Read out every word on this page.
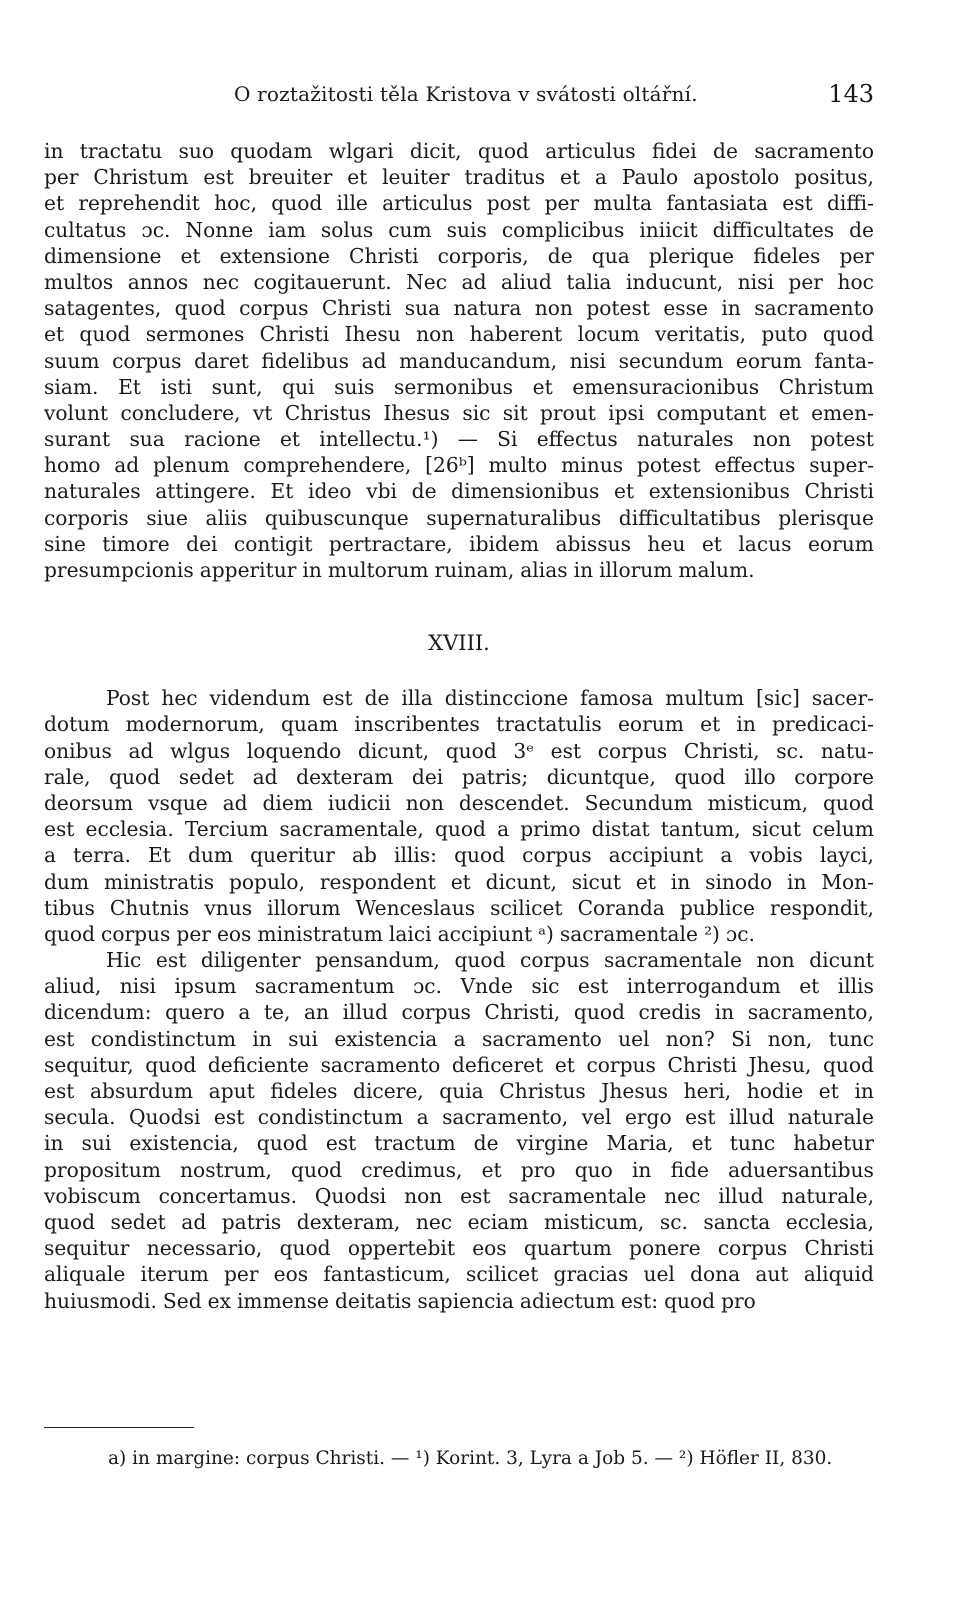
O roztažitosti těla Kristova v svátosti oltářní.	143
in tractatu suo quodam wlgari dicit, quod articulus fidei de sacramento
per Christum est breuiter et leuiter traditus et a Paulo apostolo positus,
et reprehendit hoc, quod ille articulus post per multa fantasiata est diffi-
cultatus ɔc. Nonne iam solus cum suis complicibus iniicit difficultates de
dimensione et extensione Christi corporis, de qua plerique fideles per
multos annos nec cogitauerunt. Nec ad aliud talia inducunt, nisi per hoc
satagentes, quod corpus Christi sua natura non potest esse in sacramento
et quod sermones Christi Ihesu non haberent locum veritatis, puto quod
suum corpus daret fidelibus ad manducandum, nisi secundum eorum fanta-
siam. Et isti sunt, qui suis sermonibus et emensuracionibus Christum
volunt concludere, vt Christus Ihesus sic sit prout ipsi computant et emen-
surant sua racione et intellectu.¹) — Si effectus naturales non potest
homo ad plenum comprehendere, [26ᵇ] multo minus potest effectus super-
naturales attingere. Et ideo vbi de dimensionibus et extensionibus Christi
corporis siue aliis quibuscunque supernaturalibus difficultatibus plerisque
sine timore dei contigit pertractare, ibidem abissus heu et lacus eorum
presumpcionis apperitur in multorum ruinam, alias in illorum malum.
XVIII.
Post hec videndum est de illa distinccione famosa multum [sic] sacer-
dotum modernorum, quam inscribentes tractatulis eorum et in predicaci-
onibus ad wlgus loquendo dicunt, quod 3ᵉ est corpus Christi, sc. natu-
rale, quod sedet ad dexteram dei patris; dicuntque, quod illo corpore
deorsum vsque ad diem iudicii non descendet. Secundum misticum, quod
est ecclesia. Tercium sacramentale, quod a primo distat tantum, sicut celum
a terra. Et dum queritur ab illis: quod corpus accipiunt a vobis layci,
dum ministratis populo, respondent et dicunt, sicut et in sinodo in Mon-
tibus Chutnis vnus illorum Wenceslaus scilicet Coranda publice respondit,
quod corpus per eos ministratum laici accipiunt ᵃ) sacramentale ²) ɔc.
Hic est diligenter pensandum, quod corpus sacramentale non dicunt
aliud, nisi ipsum sacramentum ɔc. Vnde sic est interrogandum et illis
dicendum: quero a te, an illud corpus Christi, quod credis in sacramento,
est condistinctum in sui existencia a sacramento uel non? Si non, tunc
sequitur, quod deficiente sacramento deficeret et corpus Christi Jhesu, quod
est absurdum aput fideles dicere, quia Christus Jhesus heri, hodie et in
secula. Quodsi est condistinctum a sacramento, vel ergo est illud naturale
in sui existencia, quod est tractum de virgine Maria, et tunc habetur
propositum nostrum, quod credimus, et pro quo in fide aduersantibus
vobiscum concertamus. Quodsi non est sacramentale nec illud naturale,
quod sedet ad patris dexteram, nec eciam misticum, sc. sancta ecclesia,
sequitur necessario, quod oppertebit eos quartum ponere corpus Christi
aliquale iterum per eos fantasticum, scilicet gracias uel dona aut aliquid
huiusmodi. Sed ex immense deitatis sapiencia adiectum est: quod pro
a) in margine: corpus Christi. — ¹) Korint. 3, Lyra a Job 5. — ²) Höfler II, 830.
